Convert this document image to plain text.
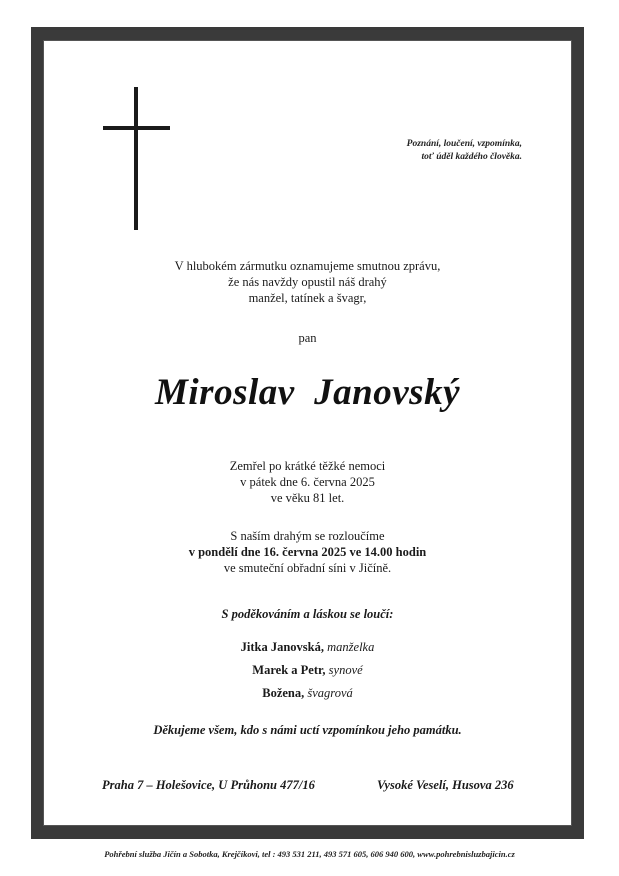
Poznání, loučení, vzpomínka,
toť úděl každého člověka.
V hlubokém zármutku oznamujeme smutnou zprávu,
že nás navždy opustil náš drahý
manžel, tatínek a švagr,
pan
Miroslav  Janovský
Zemřel po krátké těžké nemoci
v pátek dne 6. června 2025
ve věku 81 let.
S naším drahým se rozloučíme
v pondělí dne 16. června 2025 ve 14.00 hodin
ve smuteční obřadní síni v Jičíně.
S poděkováním a láskou se loučí:
Jitka Janovská, manželka
Marek a Petr, synové
Božena, švagrová
Děkujeme všem, kdo s námi uctí vzpomínkou jeho památku.
Praha 7 – Holešovice, U Průhonu 477/16	Vysoké Veselí, Husova 236
Pohřební služba Jičín a Sobotka, Krejčíkovi, tel : 493 531 211, 493 571 605, 606 940 600, www.pohrebnisluzbajicin.cz
